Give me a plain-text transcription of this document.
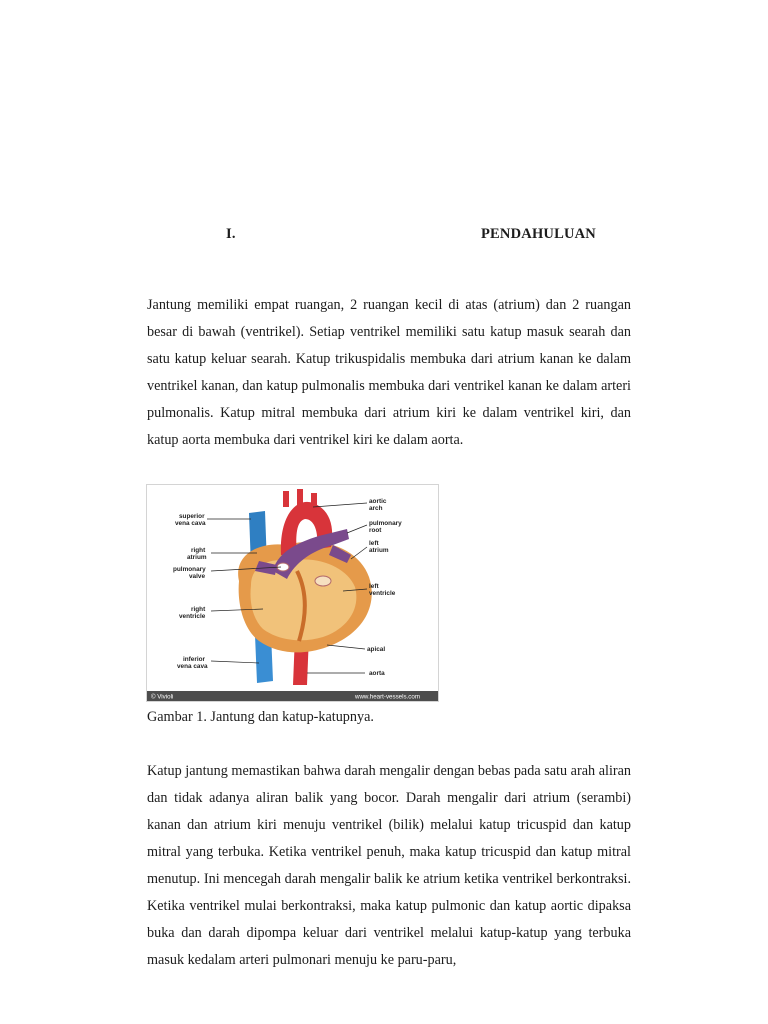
I.	PENDAHULUAN

Jantung memiliki empat ruangan, 2 ruangan kecil di atas (atrium) dan 2 ruangan besar di bawah (ventrikel). Setiap ventrikel memiliki satu katup masuk searah dan satu katup keluar searah. Katup trikuspidalis membuka dari atrium kanan ke dalam ventrikel kanan, dan katup pulmonalis membuka dari ventrikel kanan ke dalam arteri pulmonalis. Katup mitral membuka dari atrium kiri ke dalam ventrikel kiri, dan katup aorta membuka dari ventrikel kiri ke dalam aorta.

superior
vena cava
right
atrium
pulmonary
valve
right
ventricle
inferior
vena cava
aortic
arch
pulmonary
root
left
atrium
left
ventricle
apical
aorta
© Vivioli	www.heart-vessels.com
Gambar 1. Jantung dan katup-katupnya.

Katup jantung memastikan bahwa darah mengalir dengan bebas pada satu arah aliran dan tidak adanya aliran balik yang bocor. Darah mengalir dari atrium (serambi) kanan dan atrium kiri menuju ventrikel (bilik) melalui katup tricuspid dan katup mitral yang terbuka. Ketika ventrikel penuh, maka katup tricuspid dan katup mitral menutup. Ini mencegah darah mengalir balik ke atrium ketika ventrikel berkontraksi. Ketika ventrikel mulai berkontraksi, maka katup pulmonic dan katup aortic dipaksa buka dan darah dipompa keluar dari ventrikel melalui katup-katup yang terbuka masuk kedalam arteri pulmonari menuju ke paru-paru,
